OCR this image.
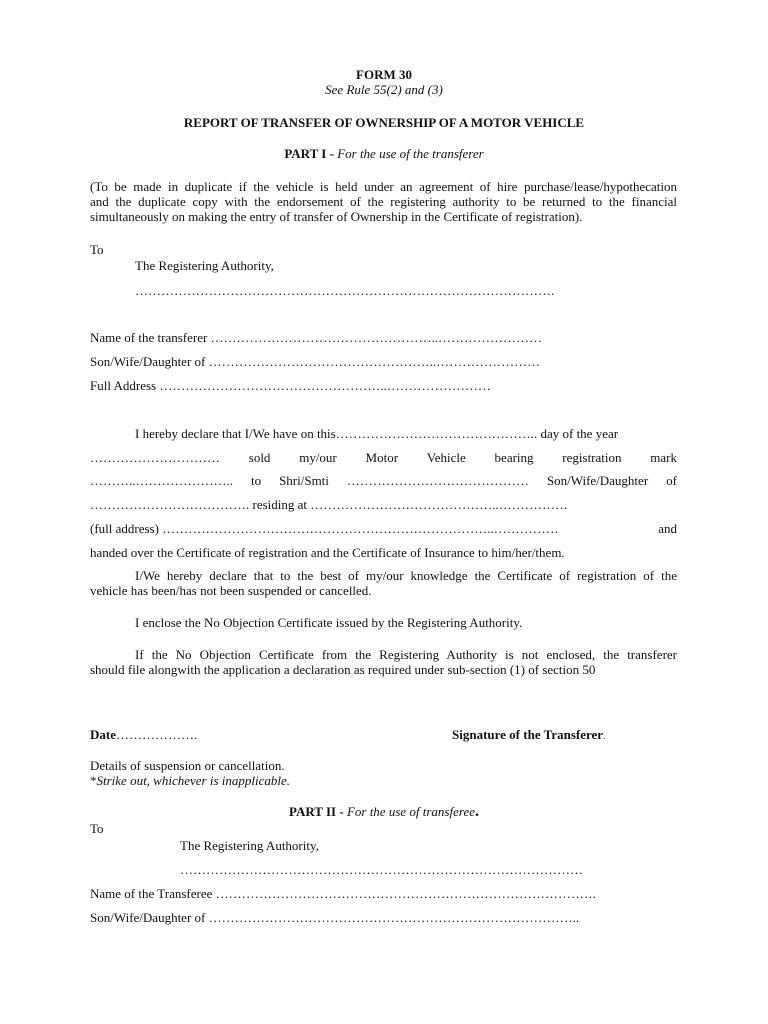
FORM 30
See Rule 55(2) and (3)
REPORT OF TRANSFER OF OWNERSHIP OF A MOTOR VEHICLE
PART I - For the use of the transferer
(To be made in duplicate if the vehicle is held under an agreement of hire purchase/lease/hypothecation
and the duplicate copy with the endorsement of the registering authority to be returned to the financial
simultaneously on making the entry of transfer of Ownership in the Certificate of registration).
To
The Registering Authority,
…………………………………………………………………………………….
Name of the transferer ……………………………………………..……………………
Son/Wife/Daughter of ……………………………………………..……………………
Full Address ……………………………………………..……………………
I hereby declare that I/We have on this……………………………………….. day of the year
………………………… sold my/our Motor Vehicle bearing registration mark
………..………………….. to Shri/Smti …………………………………… Son/Wife/Daughter of
………………………………. residing at ……………………………………..…………….
(full address) …………………………………………………………………..……………	and
handed over the Certificate of registration and the Certificate of Insurance to him/her/them.
I/We hereby declare that to the best of my/our knowledge the Certificate of registration of the
vehicle has been/has not been suspended or cancelled.
I enclose the No Objection Certificate issued by the Registering Authority.
If the No Objection Certificate from the Registering Authority is not enclosed, the transferer
should file alongwith the application a declaration as required under sub-section (1) of section 50
Date……………….	Signature of the Transferer.
Details of suspension or cancellation.
*Strike out, whichever is inapplicable.
PART II - For the use of transferee.
To
The Registering Authority,
…………………………………………………………………………………
Name of the Transferee …………………………………………………………………………….
Son/Wife/Daughter of …………………………………………………………………………..
